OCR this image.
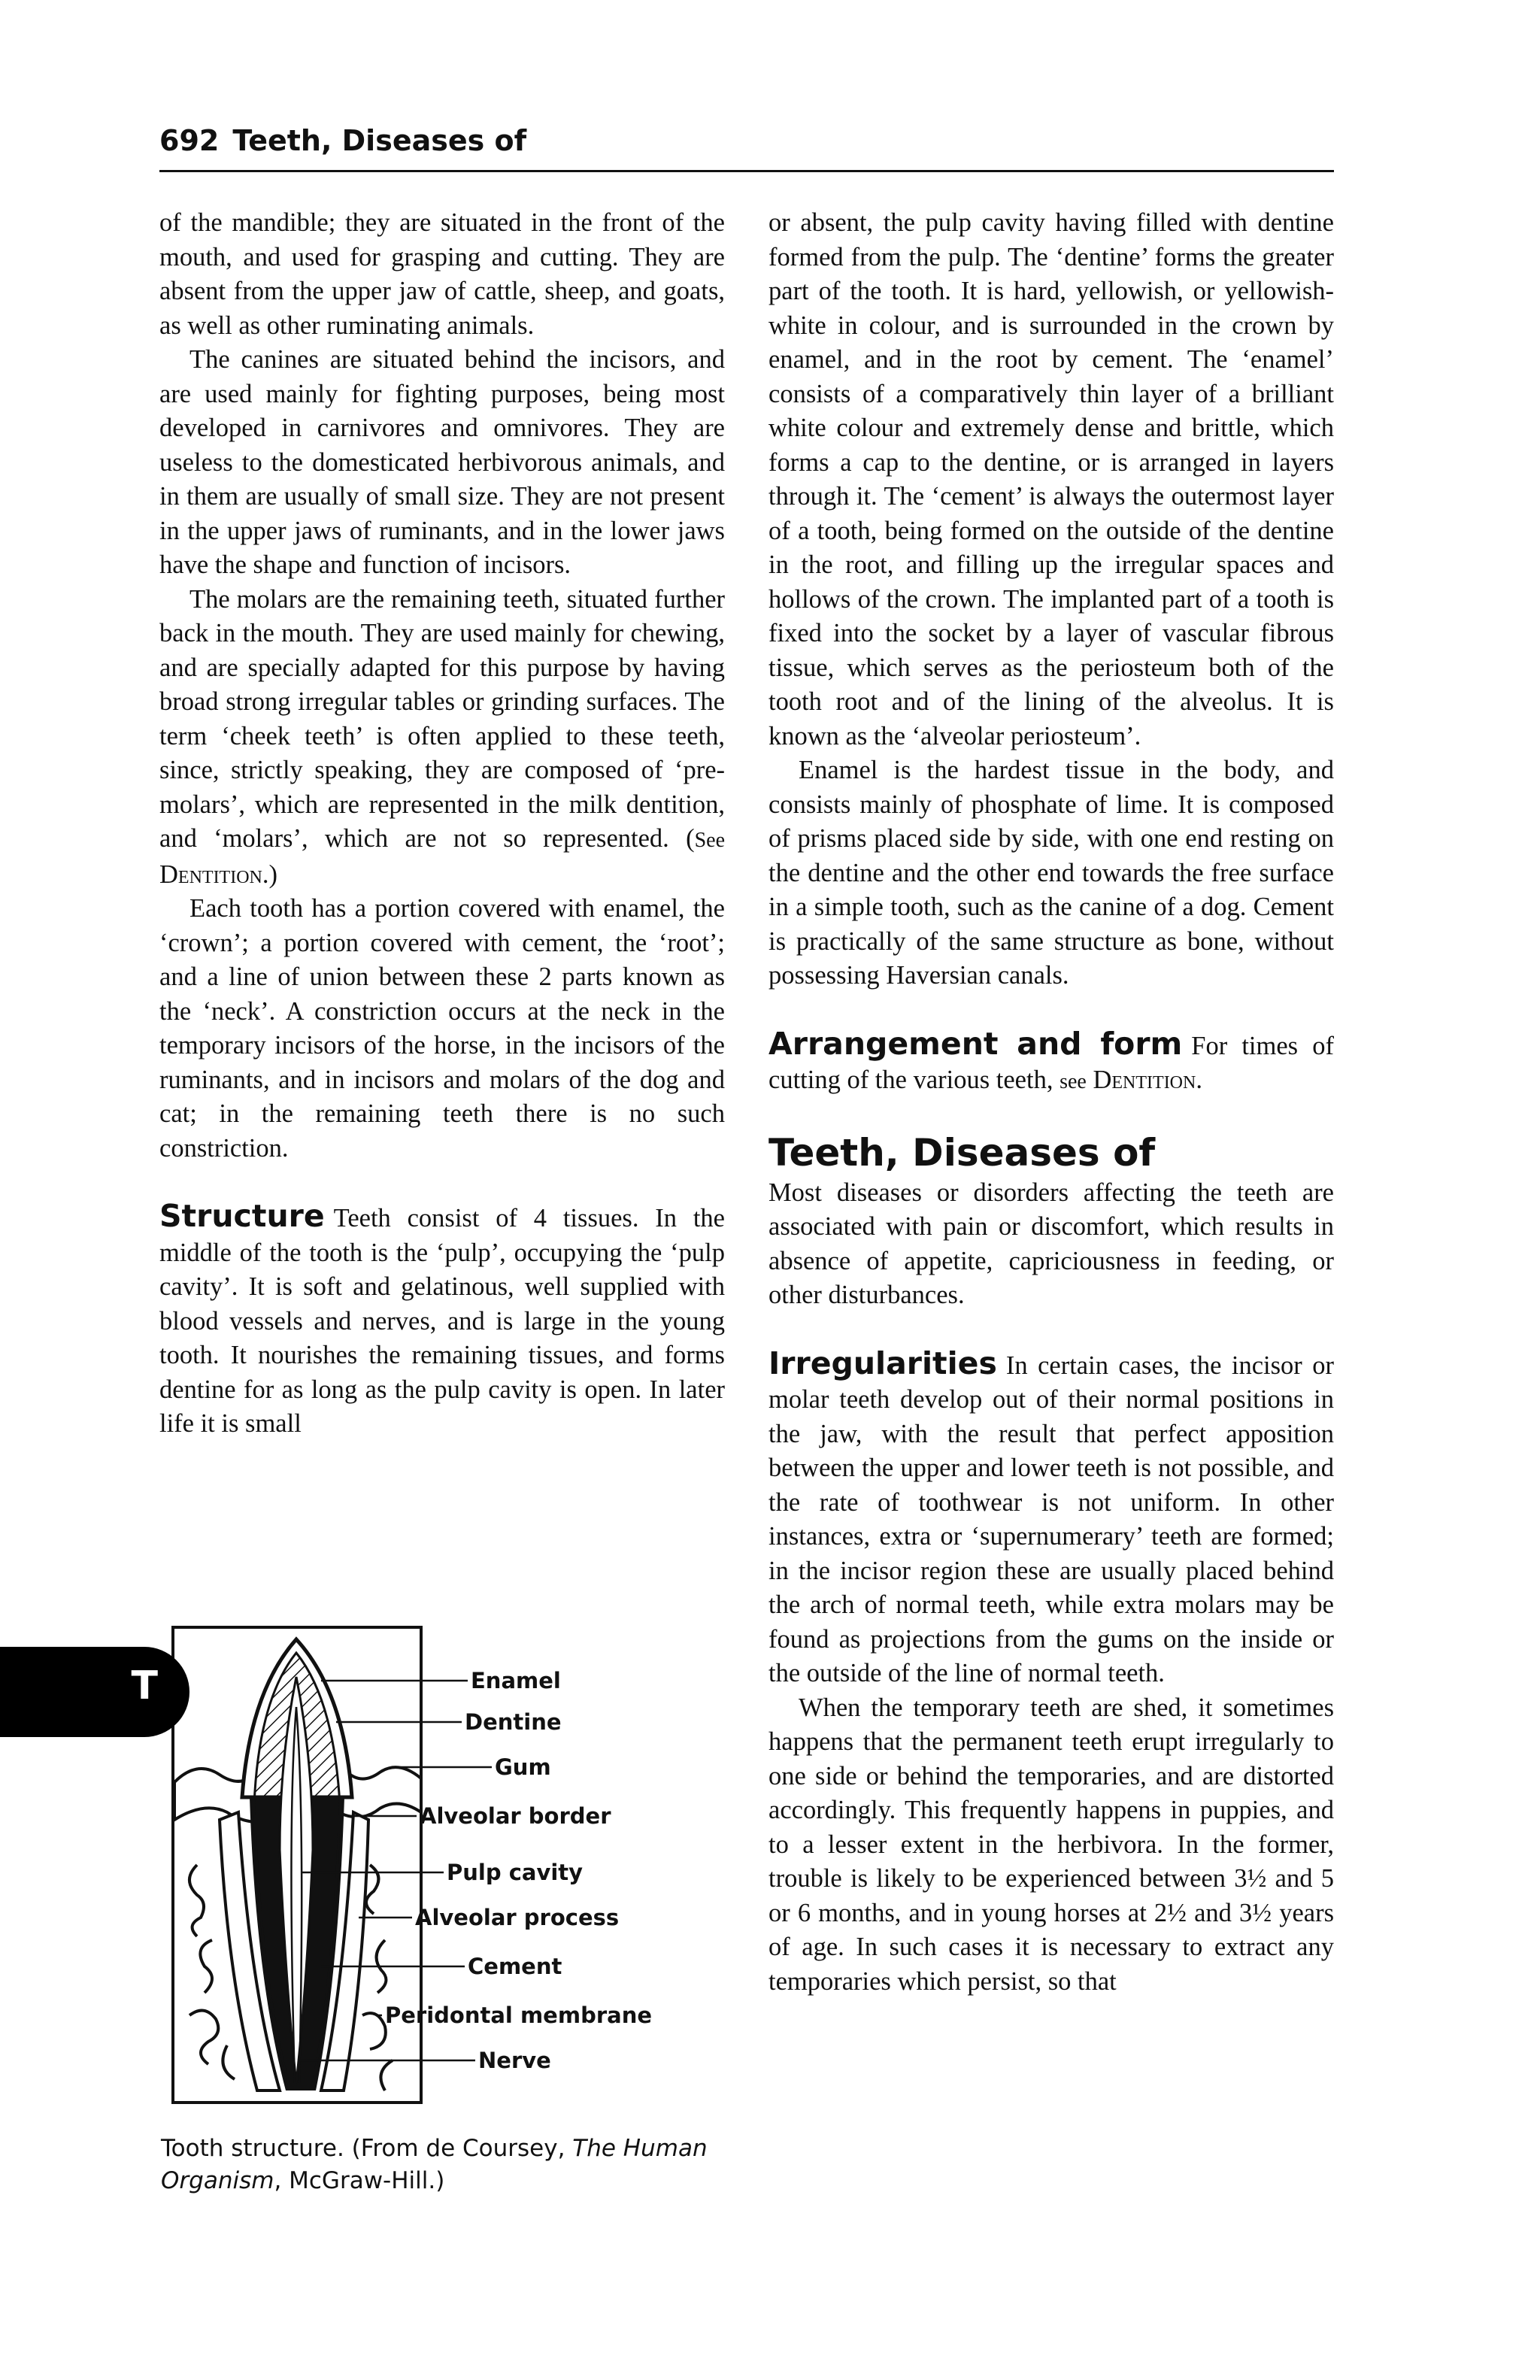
692 Teeth, Diseases of

of the mandible; they are situated in the front of the mouth, and used for grasping and cutting. They are absent from the upper jaw of cattle, sheep, and goats, as well as other ruminating animals.

The canines are situated behind the incisors, and are used mainly for fighting purposes, being most developed in carnivores and omnivores. They are useless to the domesticated herbivorous animals, and in them are usually of small size. They are not present in the upper jaws of ruminants, and in the lower jaws have the shape and function of incisors.

The molars are the remaining teeth, situated further back in the mouth. They are used mainly for chewing, and are specially adapted for this purpose by having broad strong irregular tables or grinding surfaces. The term ‘cheek teeth’ is often applied to these teeth, since, strictly speaking, they are composed of ‘pre-molars’, which are represented in the milk dentition, and ‘molars’, which are not so represented. (See Dentition.)

Each tooth has a portion covered with enamel, the ‘crown’; a portion covered with cement, the ‘root’; and a line of union between these 2 parts known as the ‘neck’. A constriction occurs at the neck in the temporary incisors of the horse, in the incisors of the ruminants, and in incisors and molars of the dog and cat; in the remaining teeth there is no such constriction.

Structure Teeth consist of 4 tissues. In the middle of the tooth is the ‘pulp’, occupying the ‘pulp cavity’. It is soft and gelatinous, well supplied with blood vessels and nerves, and is large in the young tooth. It nourishes the remaining tissues, and forms dentine for as long as the pulp cavity is open. In later life it is small

Enamel
Dentine
Gum
Alveolar border
Pulp cavity
Alveolar process
Cement
Peridontal membrane
Nerve
Tooth structure. (From de Coursey, The Human Organism, McGraw-Hill.)
T

or absent, the pulp cavity having filled with dentine formed from the pulp. The ‘dentine’ forms the greater part of the tooth. It is hard, yellowish, or yellowish-white in colour, and is surrounded in the crown by enamel, and in the root by cement. The ‘enamel’ consists of a comparatively thin layer of a brilliant white colour and extremely dense and brittle, which forms a cap to the dentine, or is arranged in layers through it. The ‘cement’ is always the outermost layer of a tooth, being formed on the outside of the dentine in the root, and filling up the irregular spaces and hollows of the crown. The implanted part of a tooth is fixed into the socket by a layer of vascular fibrous tissue, which serves as the periosteum both of the tooth root and of the lining of the alveolus. It is known as the ‘alveolar periosteum’.

Enamel is the hardest tissue in the body, and consists mainly of phosphate of lime. It is composed of prisms placed side by side, with one end resting on the dentine and the other end towards the free surface in a simple tooth, such as the canine of a dog. Cement is practically of the same structure as bone, without possessing Haversian canals.

Arrangement and form For times of cutting of the various teeth, see Dentition.

Teeth, Diseases of

Most diseases or disorders affecting the teeth are associated with pain or discomfort, which results in absence of appetite, capriciousness in feeding, or other disturbances.

Irregularities In certain cases, the incisor or molar teeth develop out of their normal positions in the jaw, with the result that perfect apposition between the upper and lower teeth is not possible, and the rate of toothwear is not uniform. In other instances, extra or ‘supernumerary’ teeth are formed; in the incisor region these are usually placed behind the arch of normal teeth, while extra molars may be found as projections from the gums on the inside or the outside of the line of normal teeth.

When the temporary teeth are shed, it sometimes happens that the permanent teeth erupt irregularly to one side or behind the temporaries, and are distorted accordingly. This frequently happens in puppies, and to a lesser extent in the herbivora. In the former, trouble is likely to be experienced between 3½ and 5 or 6 months, and in young horses at 2½ and 3½ years of age. In such cases it is necessary to extract any temporaries which persist, so that
